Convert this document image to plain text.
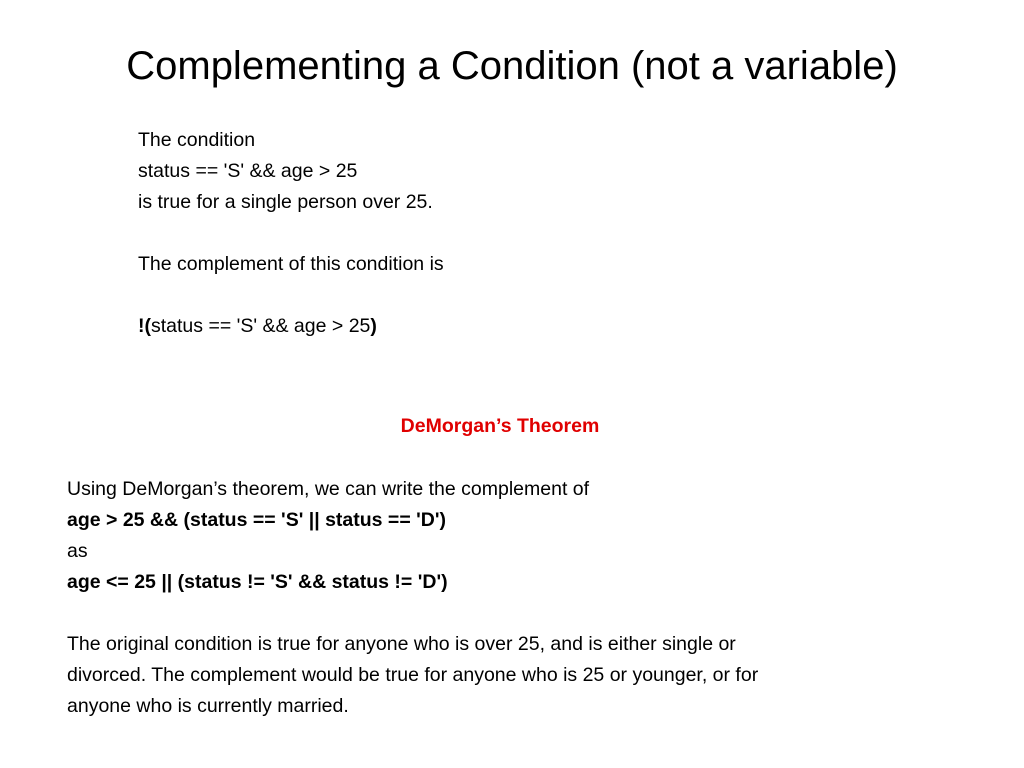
Complementing a Condition (not a variable)
The condition
status == 'S' && age > 25
is true for a single person over 25.
The complement of this condition is
!(status == 'S' && age > 25)
DeMorgan’s Theorem
Using DeMorgan’s theorem, we can write the complement of
age > 25 && (status == 'S' || status == 'D')
as
age <= 25 || (status != 'S' && status != 'D')
The original condition is true for anyone who is over 25, and is either single or
divorced. The complement would be true for anyone who is 25 or younger, or for
anyone who is currently married.
